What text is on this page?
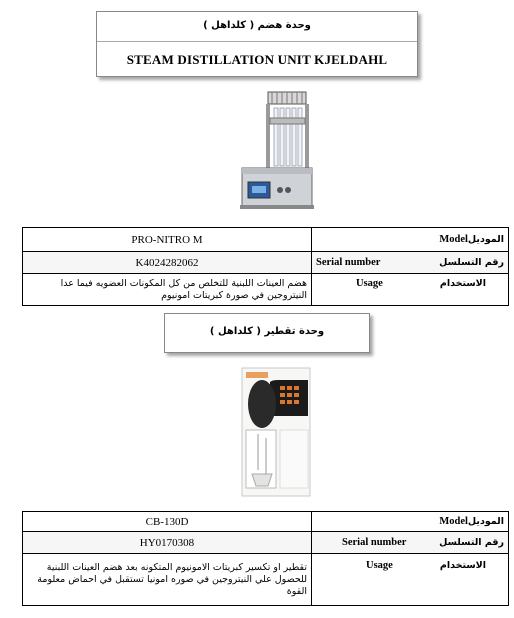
وحدة هضم ( كلداهل )
STEAM DISTILLATION UNIT KJELDAHL
PRO-NITRO M	Modelالموديل

K4024282062	Serial number رقم التسلسل

هضم العينات اللبنية للتخلص من كل المكونات العضويه فيما عدا النيتروجين في صورة كبريتات امونيوم	Usage الاستخدام
وحدة تقطير ( كلداهل )
CB-130D	Modelالموديل

HY0170308	Serial number رقم التسلسل

تقطير او تكسير كبريتات الامونيوم المتكونه بعد هضم العينات اللبنية للحصول علي النيتروجين في صوره امونيا تستقبل في احماض معلومة القوة	Usage الاستخدام
